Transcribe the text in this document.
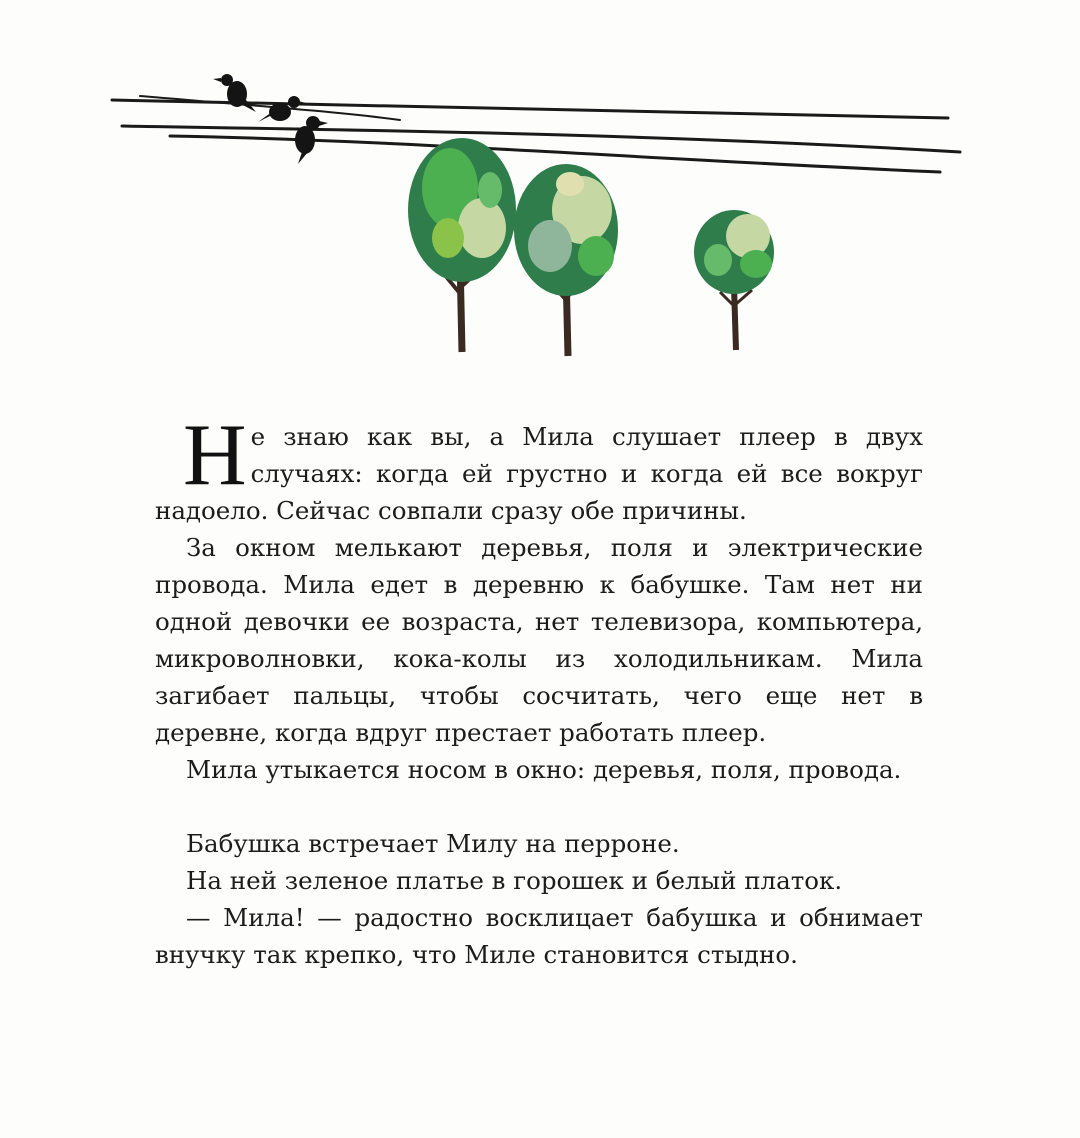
Не знаю как вы, а Мила слушает плеер в двух случаях: когда ей грустно и когда ей все вокруг надоело. Сейчас совпали сразу обе причины.

За окном мелькают деревья, поля и электрические провода. Мила едет в деревню к бабушке. Там нет ни одной девочки ее возраста, нет телевизора, компьютера, микроволновки, кока-колы из холодильникам. Мила загибает пальцы, чтобы сосчитать, чего еще нет в деревне, когда вдруг престает работать плеер.

Мила утыкается носом в окно: деревья, поля, провода.

Бабушка встречает Милу на перроне.

На ней зеленое платье в горошек и белый платок.

— Мила! — радостно восклицает бабушка и обнимает внучку так крепко, что Миле становится стыдно.
